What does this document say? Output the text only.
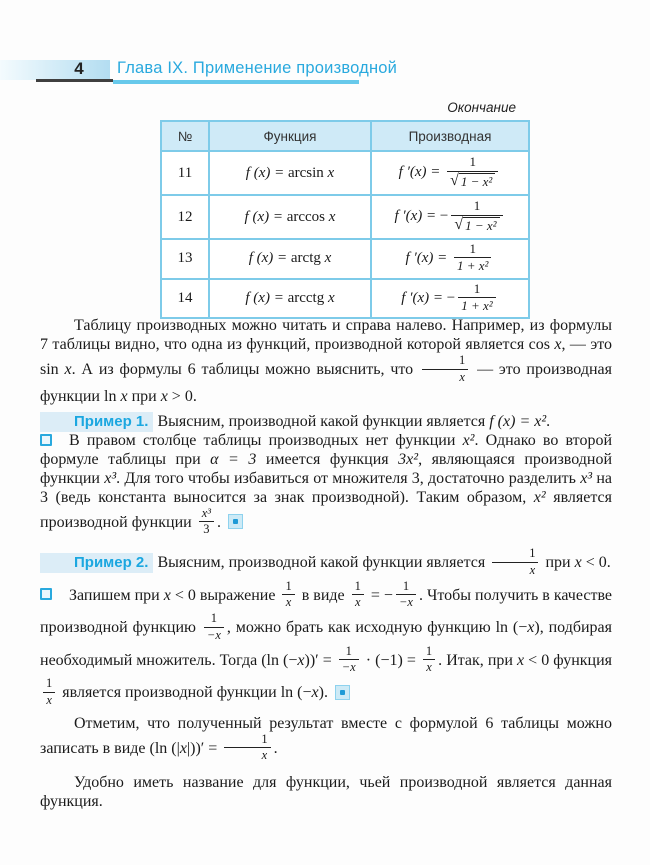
4	Глава IX. Применение производной
Окончание
№	Функция	Производная
11	f (x) = arcsin x	f $'(x) = \frac{1}{\text{√ 1 − x²}}$

12	f (x) = arccos x	f ′(x) = − $\frac{1}{\text{√ 1 − x²}}$

13	f (x) = arctg x	f $'(x) = \frac{1}{\text{1 + x²}}$

14	f (x) = arcctg x	f ′(x) = − $\frac{1}{\text{1 + x²}}$

Таблицу производных можно читать и справа налево. Например, из формулы 7 таблицы видно, что одна из функций, производной которой является cos x, — это sin x. А из формулы 6 таблицы можно выяснить, что $\frac{1}{x}$ — это производная функции ln x при x > 0.

Пример 1. Выясним, производной какой функции является f (x) = x².

В правом столбце таблицы производных нет функции x². Однако во второй формуле таблицы при α = 3 имеется функция 3x², являющаяся производной функции x³. Для того чтобы избавиться от множителя 3, достаточно разделить x³ на 3 (ведь константа выносится за знак производной). Таким образом, x² является производной функции $\frac{\text{x³}}{3}$ .

Пример 2. Выясним, производной какой функции является $\frac{1}{x}$ при x < 0.

Запишем при x < 0 выражение $\frac{1}{x}$ в виде $\frac{1}{x}$ = − $\frac{1}{-x}$ . Чтобы получить в качестве производной функцию $\frac{1}{-x}$ , можно брать как исходную функцию ln (−x), подбирая необходимый множитель. Тогда (ln $(-x))' = \frac{1}{-x} \cdot (-1) = \frac{1}{x}$ . Итак, при x < 0 функция
$\frac{1}{x}$ является производной функции ln (−x).

Отметим, что полученный результат вместе с формулой 6 таблицы можно записать в виде (ln $(|x|))' = \frac{1}{x}$ .

Удобно иметь название для функции, чьей производной является данная функция.
